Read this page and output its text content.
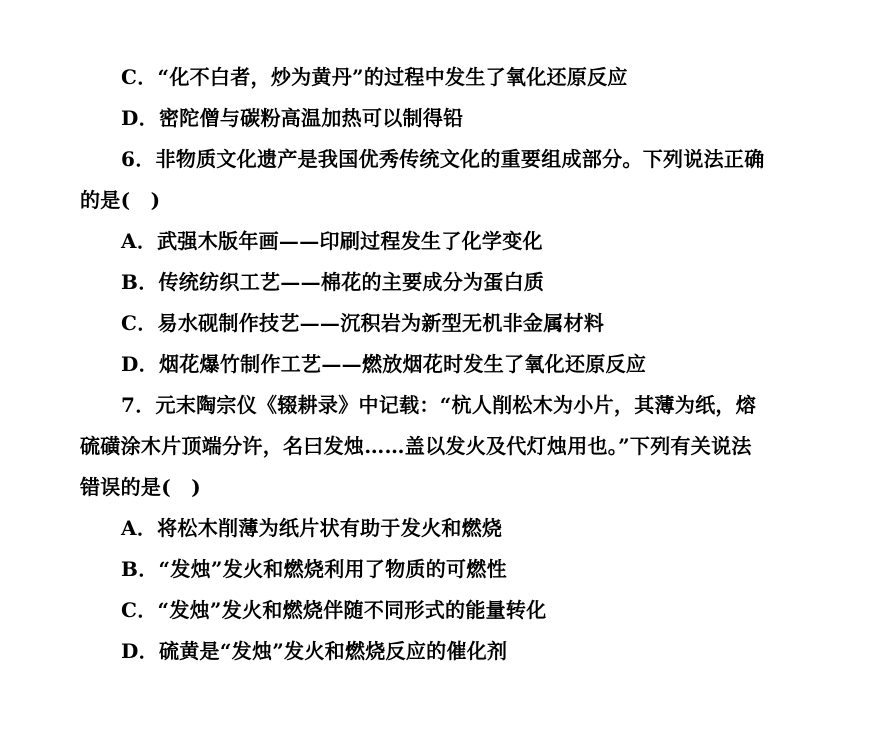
C．“化不白者，炒为黄丹”的过程中发生了氧化还原反应
D．密陀僧与碳粉高温加热可以制得铅
6．非物质文化遗产是我国优秀传统文化的重要组成部分。下列说法正确
的是(　)
A．武强木版年画——印刷过程发生了化学变化
B．传统纺织工艺——棉花的主要成分为蛋白质
C．易水砚制作技艺——沉积岩为新型无机非金属材料
D．烟花爆竹制作工艺——燃放烟花时发生了氧化还原反应
7．元末陶宗仪《辍耕录》中记载：“杭人削松木为小片，其薄为纸，熔
硫磺涂木片顶端分许，名曰发烛……盖以发火及代灯烛用也。”下列有关说法
错误的是(　)
A．将松木削薄为纸片状有助于发火和燃烧
B．“发烛”发火和燃烧利用了物质的可燃性
C．“发烛”发火和燃烧伴随不同形式的能量转化
D．硫黄是“发烛”发火和燃烧反应的催化剂
